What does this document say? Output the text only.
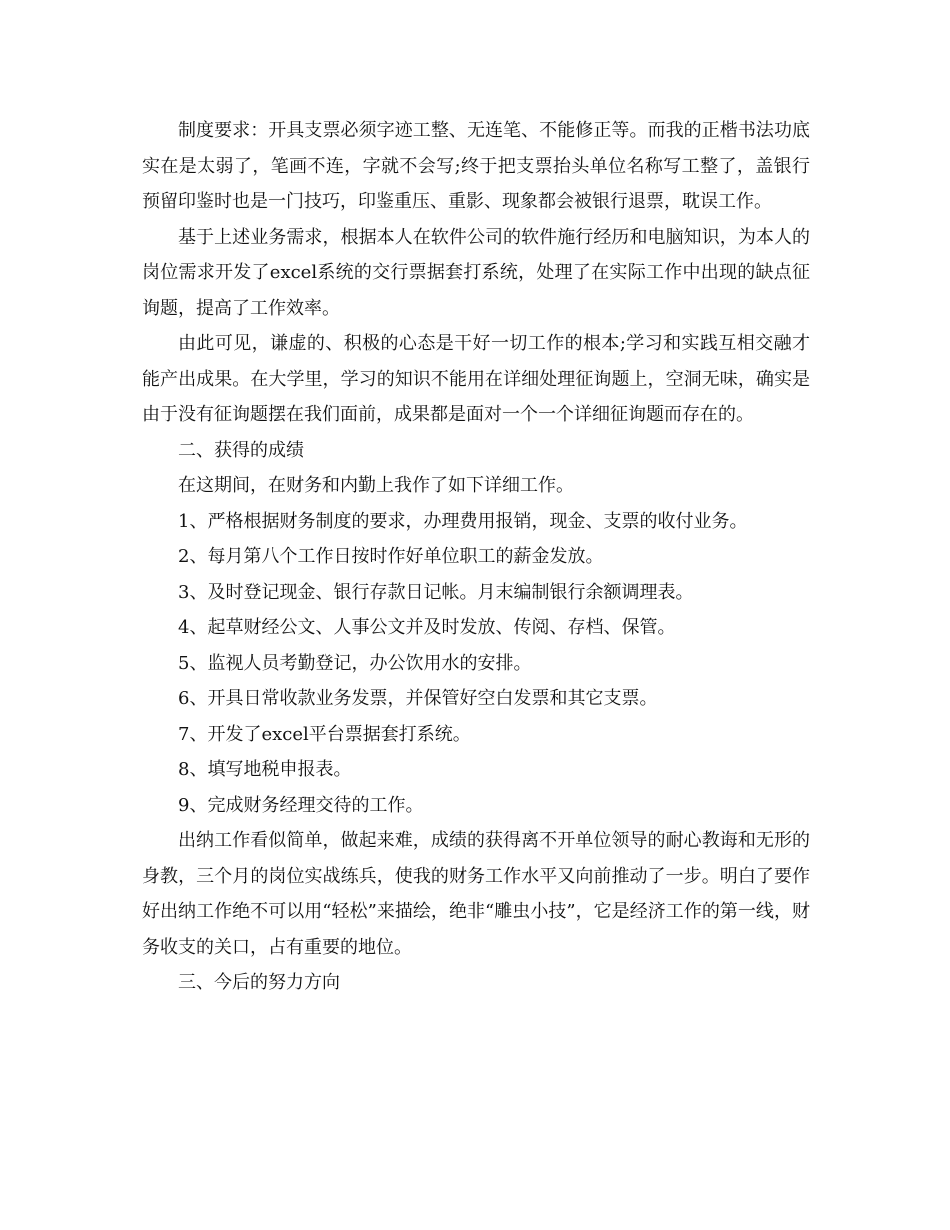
制度要求：开具支票必须字迹工整、无连笔、不能修正等。而我的正楷书法功底实在是太弱了，笔画不连，字就不会写;终于把支票抬头单位名称写工整了，盖银行预留印鉴时也是一门技巧，印鉴重压、重影、现象都会被银行退票，耽误工作。

基于上述业务需求，根据本人在软件公司的软件施行经历和电脑知识，为本人的岗位需求开发了excel系统的交行票据套打系统，处理了在实际工作中出现的缺点征询题，提高了工作效率。

由此可见，谦虚的、积极的心态是干好一切工作的根本;学习和实践互相交融才能产出成果。在大学里，学习的知识不能用在详细处理征询题上，空洞无味，确实是由于没有征询题摆在我们面前，成果都是面对一个一个详细征询题而存在的。

二、获得的成绩

在这期间，在财务和内勤上我作了如下详细工作。

1、严格根据财务制度的要求，办理费用报销，现金、支票的收付业务。

2、每月第八个工作日按时作好单位职工的薪金发放。

3、及时登记现金、银行存款日记帐。月末编制银行余额调理表。

4、起草财经公文、人事公文并及时发放、传阅、存档、保管。

5、监视人员考勤登记，办公饮用水的安排。

6、开具日常收款业务发票，并保管好空白发票和其它支票。

7、开发了excel平台票据套打系统。

8、填写地税申报表。

9、完成财务经理交待的工作。

出纳工作看似简单，做起来难，成绩的获得离不开单位领导的耐心教诲和无形的身教，三个月的岗位实战练兵，使我的财务工作水平又向前推动了一步。明白了要作好出纳工作绝不可以用“轻松”来描绘，绝非“雕虫小技”，它是经济工作的第一线，财务收支的关口，占有重要的地位。

三、今后的努力方向
